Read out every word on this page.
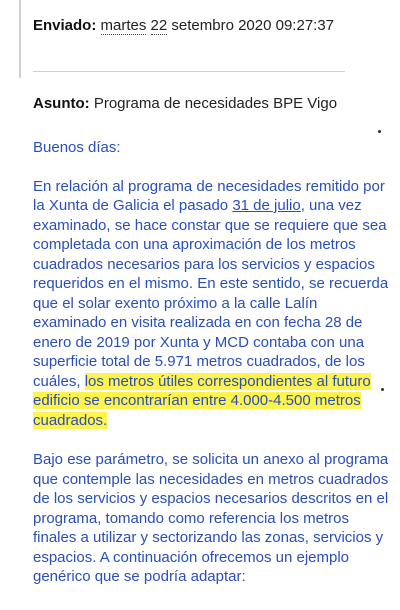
Enviado: martes 22 setembro 2020 09:27:37
Asunto: Programa de necesidades BPE Vigo

Buenos días:

En relación al programa de necesidades remitido por la Xunta de Galicia el pasado 31 de julio, una vez examinado, se hace constar que se requiere que sea completada con una aproximación de los metros cuadrados necesarios para los servicios y espacios requeridos en el mismo. En este sentido, se recuerda que el solar exento próximo a la calle Lalín examinado en visita realizada en con fecha 28 de enero de 2019 por Xunta y MCD contaba con una superficie total de 5.971 metros cuadrados, de los cuáles, los metros útiles correspondientes al futuro edificio se encontrarían entre 4.000-4.500 metros cuadrados.

Bajo ese parámetro, se solicita un anexo al programa que contemple las necesidades en metros cuadrados de los servicios y espacios necesarios descritos en el programa, tomando como referencia los metros finales a utilizar y sectorizando las zonas, servicios y espacios. A continuación ofrecemos un ejemplo genérico que se podría adaptar:
